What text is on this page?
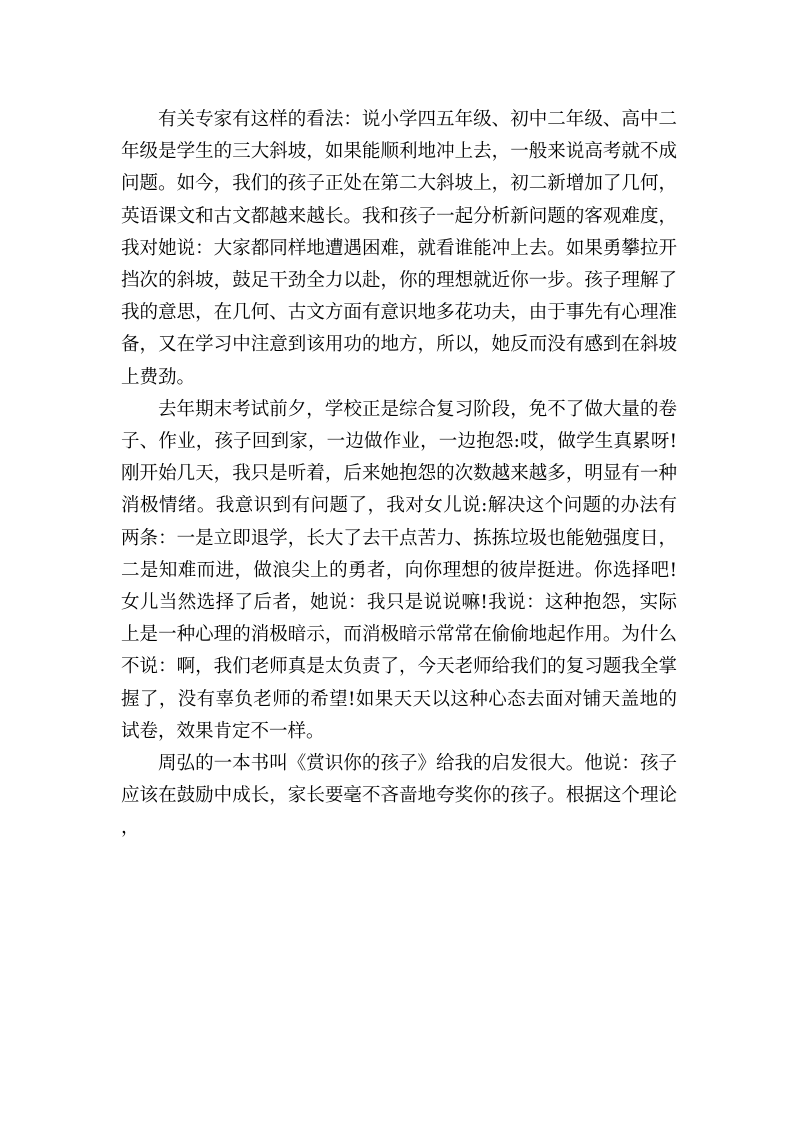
有关专家有这样的看法：说小学四五年级、初中二年级、高中二年级是学生的三大斜坡，如果能顺利地冲上去，一般来说高考就不成问题。如今，我们的孩子正处在第二大斜坡上，初二新增加了几何，英语课文和古文都越来越长。我和孩子一起分析新问题的客观难度，我对她说：大家都同样地遭遇困难，就看谁能冲上去。如果勇攀拉开挡次的斜坡，鼓足干劲全力以赴，你的理想就近你一步。孩子理解了我的意思，在几何、古文方面有意识地多花功夫，由于事先有心理准备，又在学习中注意到该用功的地方，所以，她反而没有感到在斜坡上费劲。

去年期末考试前夕，学校正是综合复习阶段，免不了做大量的卷子、作业，孩子回到家，一边做作业，一边抱怨:哎，做学生真累呀!刚开始几天，我只是听着，后来她抱怨的次数越来越多，明显有一种消极情绪。我意识到有问题了，我对女儿说:解决这个问题的办法有两条：一是立即退学，长大了去干点苦力、拣拣垃圾也能勉强度日，二是知难而进，做浪尖上的勇者，向你理想的彼岸挺进。你选择吧!女儿当然选择了后者，她说：我只是说说嘛!我说：这种抱怨，实际上是一种心理的消极暗示，而消极暗示常常在偷偷地起作用。为什么不说：啊，我们老师真是太负责了，今天老师给我们的复习题我全掌握了，没有辜负老师的希望!如果天天以这种心态去面对铺天盖地的试卷，效果肯定不一样。

周弘的一本书叫《赏识你的孩子》给我的启发很大。他说：孩子应该在鼓励中成长，家长要毫不吝啬地夸奖你的孩子。根据这个理论，
